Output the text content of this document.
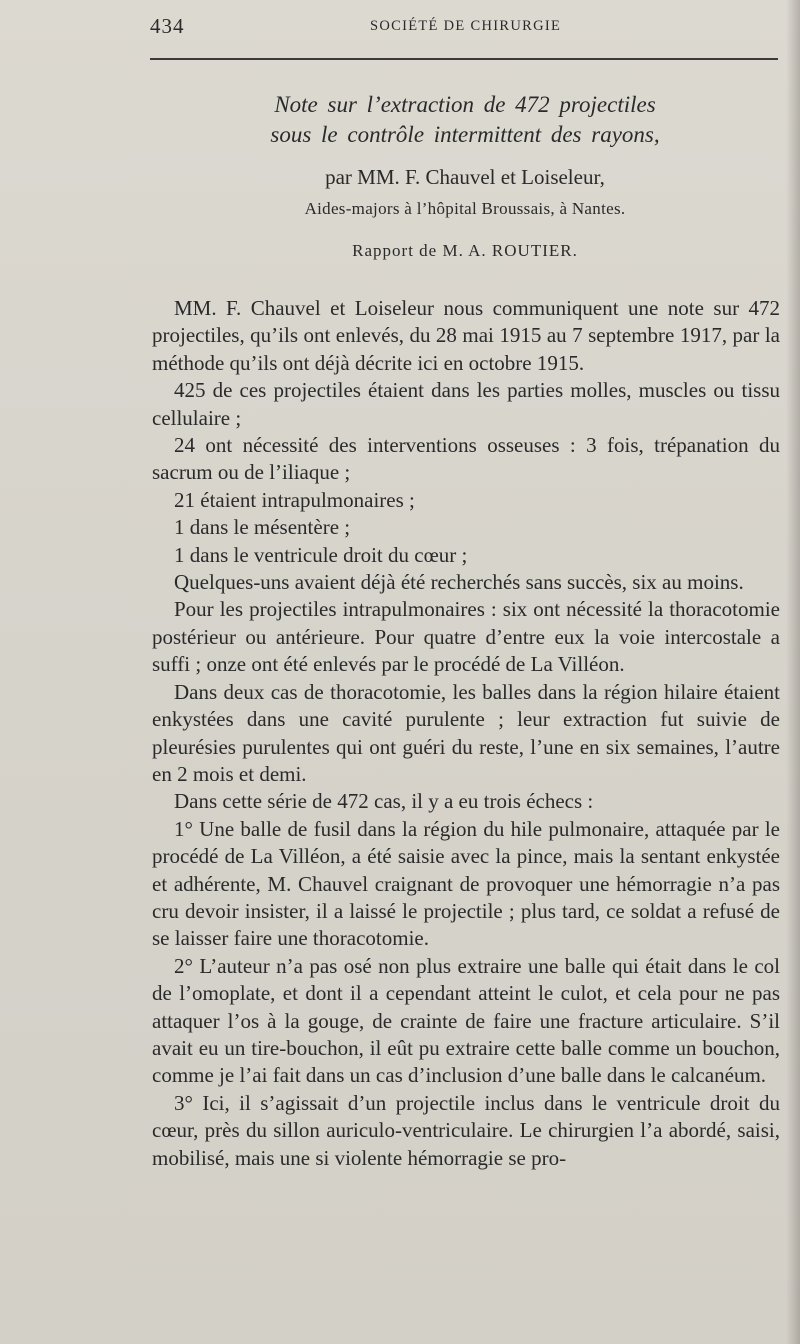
434	SOCIÉTÉ DE CHIRURGIE
Note sur l’extraction de 472 projectiles
sous le contrôle intermittent des rayons,
par MM. F. Chauvel et Loiseleur,
Aides-majors à l’hôpital Broussais, à Nantes.
Rapport de M. A. ROUTIER.

MM. F. Chauvel et Loiseleur nous communiquent une note sur 472 projectiles, qu’ils ont enlevés, du 28 mai 1915 au 7 septembre 1917, par la méthode qu’ils ont déjà décrite ici en octobre 1915.

425 de ces projectiles étaient dans les parties molles, muscles ou tissu cellulaire ;

24 ont nécessité des interventions osseuses : 3 fois, trépanation du sacrum ou de l’iliaque ;

21 étaient intrapulmonaires ;

1 dans le mésentère ;

1 dans le ventricule droit du cœur ;

Quelques-uns avaient déjà été recherchés sans succès, six au moins.

Pour les projectiles intrapulmonaires : six ont nécessité la thoracotomie postérieur ou antérieure. Pour quatre d’entre eux la voie intercostale a suffi ; onze ont été enlevés par le procédé de La Villéon.

Dans deux cas de thoracotomie, les balles dans la région hilaire étaient enkystées dans une cavité purulente ; leur extraction fut suivie de pleurésies purulentes qui ont guéri du reste, l’une en six semaines, l’autre en 2 mois et demi.

Dans cette série de 472 cas, il y a eu trois échecs :

1° Une balle de fusil dans la région du hile pulmonaire, attaquée par le procédé de La Villéon, a été saisie avec la pince, mais la sentant enkystée et adhérente, M. Chauvel craignant de provoquer une hémorragie n’a pas cru devoir insister, il a laissé le projectile ; plus tard, ce soldat a refusé de se laisser faire une thoracotomie.

2° L’auteur n’a pas osé non plus extraire une balle qui était dans le col de l’omoplate, et dont il a cependant atteint le culot, et cela pour ne pas attaquer l’os à la gouge, de crainte de faire une fracture articulaire. S’il avait eu un tire-bouchon, il eût pu extraire cette balle comme un bouchon, comme je l’ai fait dans un cas d’inclusion d’une balle dans le calcanéum.

3° Ici, il s’agissait d’un projectile inclus dans le ventricule droit du cœur, près du sillon auriculo-ventriculaire. Le chirurgien l’a abordé, saisi, mobilisé, mais une si violente hémorragie se pro-
